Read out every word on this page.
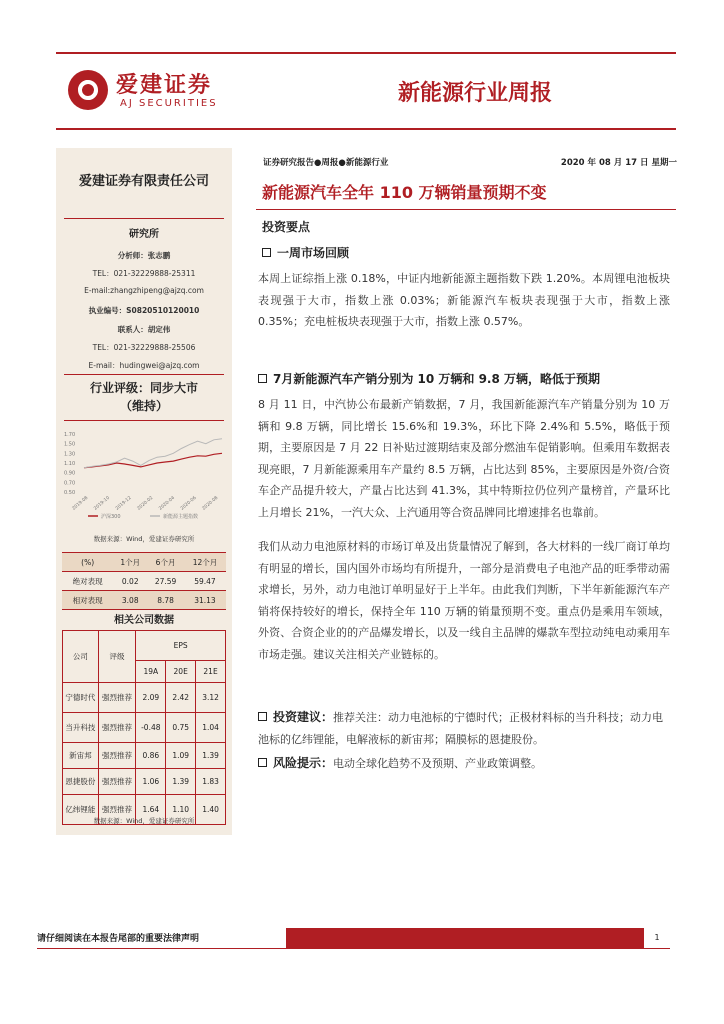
爱建证券
AJ SECURITIES	新能源行业周报
爱建证券有限责任公司
研究所
分析师：张志鹏
TEL：021-32229888-25311
E-mail:zhangzhipeng@ajzq.com
执业编号：S0820510120010
联系人：胡定伟
TEL：021-32229888-25506
E-mail：hudingwei@ajzq.com
行业评级：同步大市
（维持）
1.70
1.50
1.30
1.10
0.90
0.70
0.50
2019-08 2019-10 2019-12 2020-02 2020-04 2020-06 2020-08
沪深300	新能源主题指数
数据来源：Wind，爱建证券研究所
(%)	1个月	6个月	12个月
绝对表现	0.02	27.59	59.47
相对表现	3.08	8.78	31.13
相关公司数据
公司	评级	EPS		
		19A	20E	21E
宁德时代	强烈推荐	2.09	2.42	3.12
当升科技	强烈推荐	-0.48	0.75	1.04
新宙邦	强烈推荐	0.86	1.09	1.39
恩捷股份	强烈推荐	1.06	1.39	1.83
亿纬锂能	强烈推荐	1.64	1.10	1.40
数据来源：Wind，爱建证券研究所
证券研究报告●周报●新能源行业	2020 年 08 月 17 日 星期一
新能源汽车全年 110 万辆销量预期不变
投资要点
一周市场回顾
本周上证综指上涨 0.18%，中证内地新能源主题指数下跌 1.20%。本周锂电池板块表现强于大市，指数上涨 0.03%；新能源汽车板块表现强于大市，指数上涨 0.35%；充电桩板块表现强于大市，指数上涨 0.57%。
7月新能源汽车产销分别为 10 万辆和 9.8 万辆，略低于预期
8 月 11 日，中汽协公布最新产销数据，7 月，我国新能源汽车产销量分别为 10 万辆和 9.8 万辆，同比增长 15.6%和 19.3%，环比下降 2.4%和 5.5%，略低于预期，主要原因是 7 月 22 日补贴过渡期结束及部分燃油车促销影响。但乘用车数据表现亮眼，7 月新能源乘用车产量约 8.5 万辆，占比达到 85%，主要原因是外资/合资车企产品提升较大，产量占比达到 41.3%，其中特斯拉仍位列产量榜首，产量环比上月增长 21%，一汽大众、上汽通用等合资品牌同比增速排名也靠前。
我们从动力电池原材料的市场订单及出货量情况了解到，各大材料的一线厂商订单均有明显的增长，国内国外市场均有所提升，一部分是消费电子电池产品的旺季带动需求增长，另外，动力电池订单明显好于上半年。由此我们判断，下半年新能源汽车产销将保持较好的增长，保持全年 110 万辆的销量预期不变。重点仍是乘用车领域，外资、合资企业的的产品爆发增长，以及一线自主品牌的爆款车型拉动纯电动乘用车市场走强。建议关注相关产业链标的。
投资建议：推荐关注：动力电池标的宁德时代；正极材料标的当升科技；动力电池标的亿纬锂能，电解液标的新宙邦；隔膜标的恩捷股份。
风险提示：电动全球化趋势不及预期、产业政策调整。
请仔细阅读在本报告尾部的重要法律声明	1
